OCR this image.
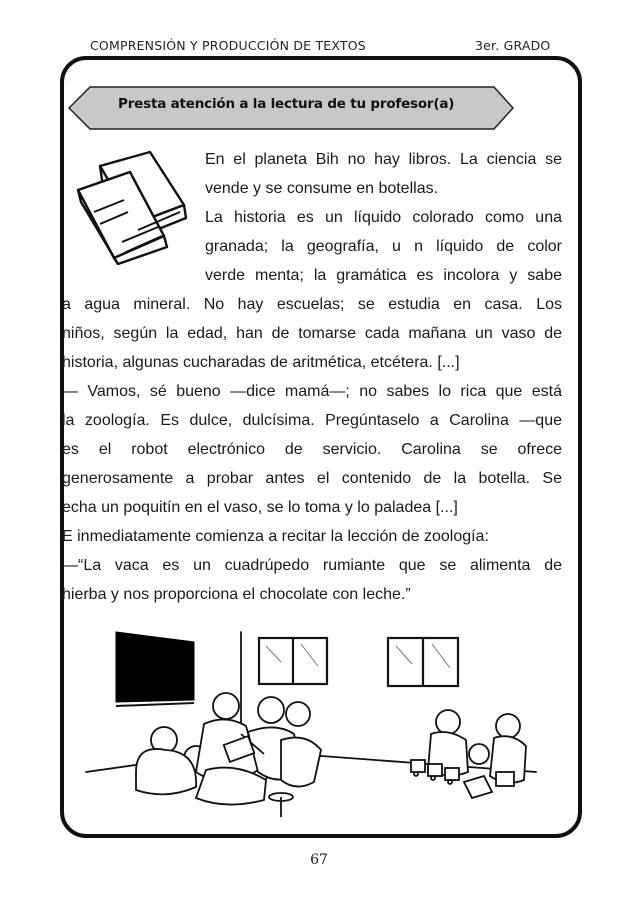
COMPRENSIÓN Y PRODUCCIÓN DE TEXTOS	3er. GRADO
Presta atención a la lectura de tu profesor(a)
En el planeta Bih no hay libros. La ciencia se
vende y se consume en botellas.
La historia es un líquido colorado como una
granada; la geografía, u n líquido de color
verde menta; la gramática es incolora y sabe
a agua mineral. No hay escuelas; se estudia en casa. Los
niños, según la edad, han de tomarse cada mañana un vaso de
historia, algunas cucharadas de aritmética, etcétera. [...]
— Vamos, sé bueno —dice mamá—; no sabes lo rica que está
la zoología. Es dulce, dulcísima. Pregúntaselo a Carolina —que
es el robot electrónico de servicio. Carolina se ofrece
generosamente a probar antes el contenido de la botella. Se
echa un poquitín en el vaso, se lo toma y lo paladea [...]
E inmediatamente comienza a recitar la lección de zoología:
—“La vaca es un cuadrúpedo rumiante que se alimenta de
hierba y nos proporciona el chocolate con leche.”
67
